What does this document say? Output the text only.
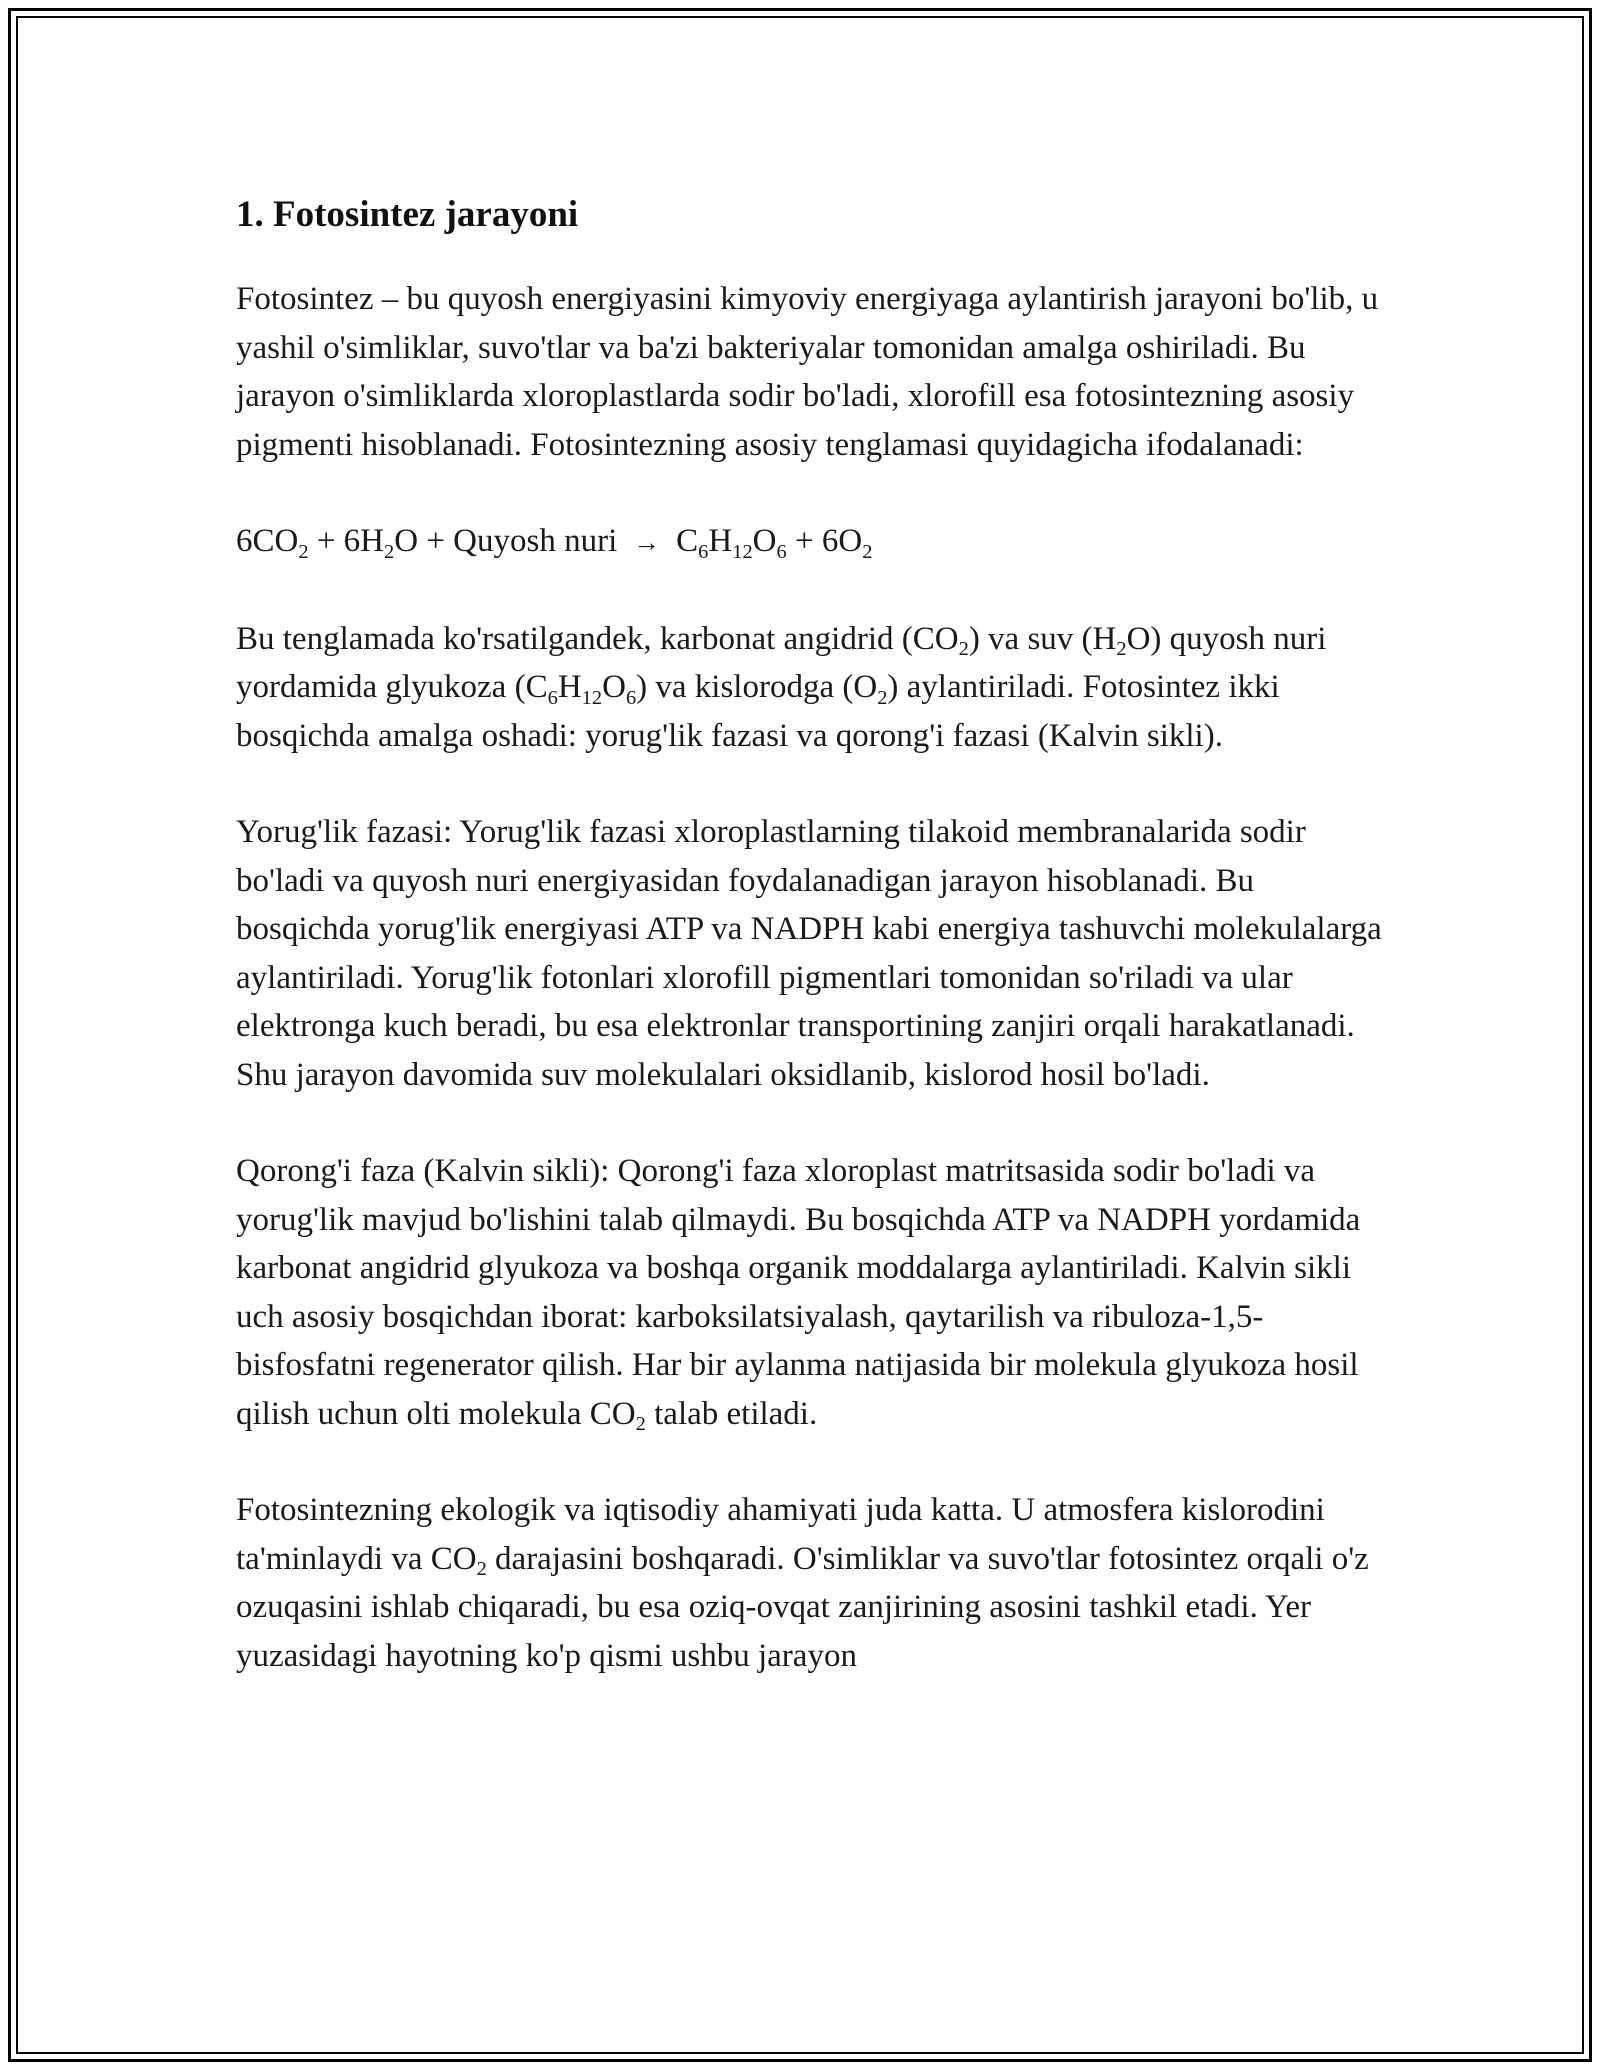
1. Fotosintez jarayoni

Fotosintez – bu quyosh energiyasini kimyoviy energiyaga aylantirish jarayoni bo'lib, u yashil o'simliklar, suvo'tlar va ba'zi bakteriyalar tomonidan amalga oshiriladi. Bu jarayon o'simliklarda xloroplastlarda sodir bo'ladi, xlorofill esa fotosintezning asosiy pigmenti hisoblanadi. Fotosintezning asosiy tenglamasi quyidagicha ifodalanadi:

$6CO_2 + 6H_2O$ + Quyosh nuri → $C_6H_{12}O_6 + 6O_2$

Bu tenglamada ko'rsatilgandek, karbonat angidrid $(CO_2)$ va suv $(H_2O)$ quyosh nuri yordamida glyukoza $(C_6H_{12}O_6)$ va kislorodga $(O_2)$ aylantiriladi. Fotosintez ikki bosqichda amalga oshadi: yorug'lik fazasi va qorong'i fazasi (Kalvin sikli).

Yorug'lik fazasi: Yorug'lik fazasi xloroplastlarning tilakoid membranalarida sodir bo'ladi va quyosh nuri energiyasidan foydalanadigan jarayon hisoblanadi. Bu bosqichda yorug'lik energiyasi ATP va NADPH kabi energiya tashuvchi molekulalarga aylantiriladi. Yorug'lik fotonlari xlorofill pigmentlari tomonidan so'riladi va ular elektronga kuch beradi, bu esa elektronlar transportining zanjiri orqali harakatlanadi. Shu jarayon davomida suv molekulalari oksidlanib, kislorod hosil bo'ladi.

Qorong'i faza (Kalvin sikli): Qorong'i faza xloroplast matritsasida sodir bo'ladi va yorug'lik mavjud bo'lishini talab qilmaydi. Bu bosqichda ATP va NADPH yordamida karbonat angidrid glyukoza va boshqa organik moddalarga aylantiriladi. Kalvin sikli uch asosiy bosqichdan iborat: karboksilatsiyalash, qaytarilish va ribuloza-1,5-bisfosfatni regenerator qilish. Har bir aylanma natijasida bir molekula glyukoza hosil qilish uchun olti molekula $CO_2$ talab etiladi.

Fotosintezning ekologik va iqtisodiy ahamiyati juda katta. U atmosfera kislorodini ta'minlaydi va $CO_2$ darajasini boshqaradi. O'simliklar va suvo'tlar fotosintez orqali o'z ozuqasini ishlab chiqaradi, bu esa oziq-ovqat zanjirining asosini tashkil etadi. Yer yuzasidagi hayotning ko'p qismi ushbu jarayon
